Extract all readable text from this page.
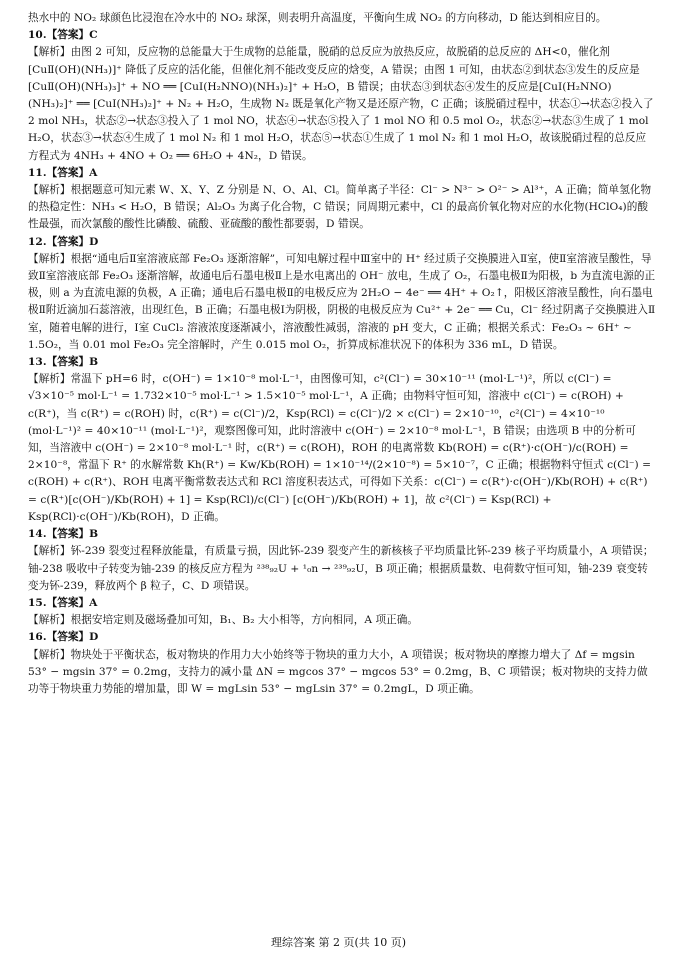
热水中的 NO₂ 球颜色比浸泡在冷水中的 NO₂ 球深，则表明升高温度，平衡向生成 NO₂ 的方向移动，D 能达到相应目的。

10.【答案】C

【解析】由图 2 可知，反应物的总能量大于生成物的总能量，脱硝的总反应为放热反应，故脱硝的总反应的 ΔH<0，催化剂[CuⅡ(OH)(NH₃)]⁺ 降低了反应的活化能，但催化剂不能改变反应的焓变，A 错误；由图 1 可知，由状态②到状态③发生的反应是[CuⅡ(OH)(NH₃)₃]⁺ + NO ══ [CuⅠ(H₂NNO)(NH₃)₂]⁺ + H₂O，B 错误；由状态③到状态④发生的反应是[CuⅠ(H₂NNO)(NH₃)₂]⁺ ══ [CuⅠ(NH₃)₂]⁺ + N₂ + H₂O，生成物 N₂ 既是氧化产物又是还原产物，C 正确；该脱硝过程中，状态①→状态②投入了 2 mol NH₃，状态②→状态③投入了 1 mol NO，状态④→状态⑤投入了 1 mol NO 和 0.5 mol O₂，状态②→状态③生成了 1 mol H₂O，状态③→状态④生成了 1 mol N₂ 和 1 mol H₂O，状态⑤→状态①生成了 1 mol N₂ 和 1 mol H₂O，故该脱硝过程的总反应方程式为 4NH₃ + 4NO + O₂ ══ 6H₂O + 4N₂，D 错误。

11.【答案】A

【解析】根据题意可知元素 W、X、Y、Z 分别是 N、O、Al、Cl。简单离子半径：Cl⁻ > N³⁻ > O²⁻ > Al³⁺，A 正确；简单氢化物的热稳定性：NH₃ < H₂O，B 错误；Al₂O₃ 为离子化合物，C 错误；同周期元素中，Cl 的最高价氧化物对应的水化物(HClO₄)的酸性最强，而次氯酸的酸性比磷酸、硫酸、亚硫酸的酸性都要弱，D 错误。

12.【答案】D

【解析】根据“通电后Ⅱ室溶液底部 Fe₂O₃ 逐渐溶解”，可知电解过程中Ⅲ室中的 H⁺ 经过质子交换膜进入Ⅱ室，使Ⅱ室溶液呈酸性，导致Ⅱ室溶液底部 Fe₂O₃ 逐渐溶解，故通电后石墨电极Ⅱ上是水电离出的 OH⁻ 放电，生成了 O₂，石墨电极Ⅱ为阳极，b 为直流电源的正极，则 a 为直流电源的负极，A 正确；通电后石墨电极Ⅱ的电极反应为 2H₂O − 4e⁻ ══ 4H⁺ + O₂↑，阳极区溶液呈酸性，向石墨电极Ⅱ附近滴加石蕊溶液，出现红色，B 正确；石墨电极Ⅰ为阴极，阴极的电极反应为 Cu²⁺ + 2e⁻ ══ Cu，Cl⁻ 经过阴离子交换膜进入Ⅱ室，随着电解的进行，Ⅰ室 CuCl₂ 溶液浓度逐渐减小，溶液酸性减弱，溶液的 pH 变大，C 正确；根据关系式：Fe₂O₃ ~ 6H⁺ ~ 1.5O₂，当 0.01 mol Fe₂O₃ 完全溶解时，产生 0.015 mol O₂，折算成标准状况下的体积为 336 mL，D 错误。

13.【答案】B

【解析】常温下 pH=6 时，c(OH⁻) = 1×10⁻⁸ mol·L⁻¹，由图像可知，c²(Cl⁻) = 30×10⁻¹¹ (mol·L⁻¹)²，所以 c(Cl⁻) = √3×10⁻⁵ mol·L⁻¹ = 1.732×10⁻⁵ mol·L⁻¹ > 1.5×10⁻⁵ mol·L⁻¹，A 正确；由物料守恒可知，溶液中 c(Cl⁻) = c(ROH) + c(R⁺)，当 c(R⁺) = c(ROH) 时，c(R⁺) = c(Cl⁻)/2，Ksp(RCl) = c(Cl⁻)/2 × c(Cl⁻) = 2×10⁻¹⁰，c²(Cl⁻) = 4×10⁻¹⁰ (mol·L⁻¹)² = 40×10⁻¹¹ (mol·L⁻¹)²，观察图像可知，此时溶液中 c(OH⁻) = 2×10⁻⁸ mol·L⁻¹，B 错误；由选项 B 中的分析可知，当溶液中 c(OH⁻) = 2×10⁻⁸ mol·L⁻¹ 时，c(R⁺) = c(ROH)，ROH 的电离常数 Kb(ROH) = c(R⁺)·c(OH⁻)/c(ROH) = 2×10⁻⁸，常温下 R⁺ 的水解常数 Kh(R⁺) = Kw/Kb(ROH) = 1×10⁻¹⁴/(2×10⁻⁸) = 5×10⁻⁷，C 正确；根据物料守恒式 c(Cl⁻) = c(ROH) + c(R⁺)、ROH 电离平衡常数表达式和 RCl 溶度积表达式，可得如下关系：c(Cl⁻) = c(R⁺)·c(OH⁻)/Kb(ROH) + c(R⁺) = c(R⁺)[c(OH⁻)/Kb(ROH) + 1] = Ksp(RCl)/c(Cl⁻) [c(OH⁻)/Kb(ROH) + 1]，故 c²(Cl⁻) = Ksp(RCl) + Ksp(RCl)·c(OH⁻)/Kb(ROH)，D 正确。

14.【答案】B

【解析】钚-239 裂变过程释放能量，有质量亏损，因此钚-239 裂变产生的新核核子平均质量比钚-239 核子平均质量小，A 项错误；铀-238 吸收中子转变为铀-239 的核反应方程为 ²³⁸₉₂U + ¹₀n → ²³⁹₉₂U，B 项正确；根据质量数、电荷数守恒可知，铀-239 衰变转变为钚-239，释放两个 β 粒子，C、D 项错误。

15.【答案】A

【解析】根据安培定则及磁场叠加可知，B₁、B₂ 大小相等，方向相同，A 项正确。

16.【答案】D

【解析】物块处于平衡状态，板对物块的作用力大小始终等于物块的重力大小，A 项错误；板对物块的摩擦力增大了 Δf = mgsin 53° − mgsin 37° = 0.2mg，支持力的减小量 ΔN = mgcos 37° − mgcos 53° = 0.2mg，B、C 项错误；板对物块的支持力做功等于物块重力势能的增加量，即 W = mgLsin 53° − mgLsin 37° = 0.2mgL，D 项正确。

理综答案 第 2 页(共 10 页)
